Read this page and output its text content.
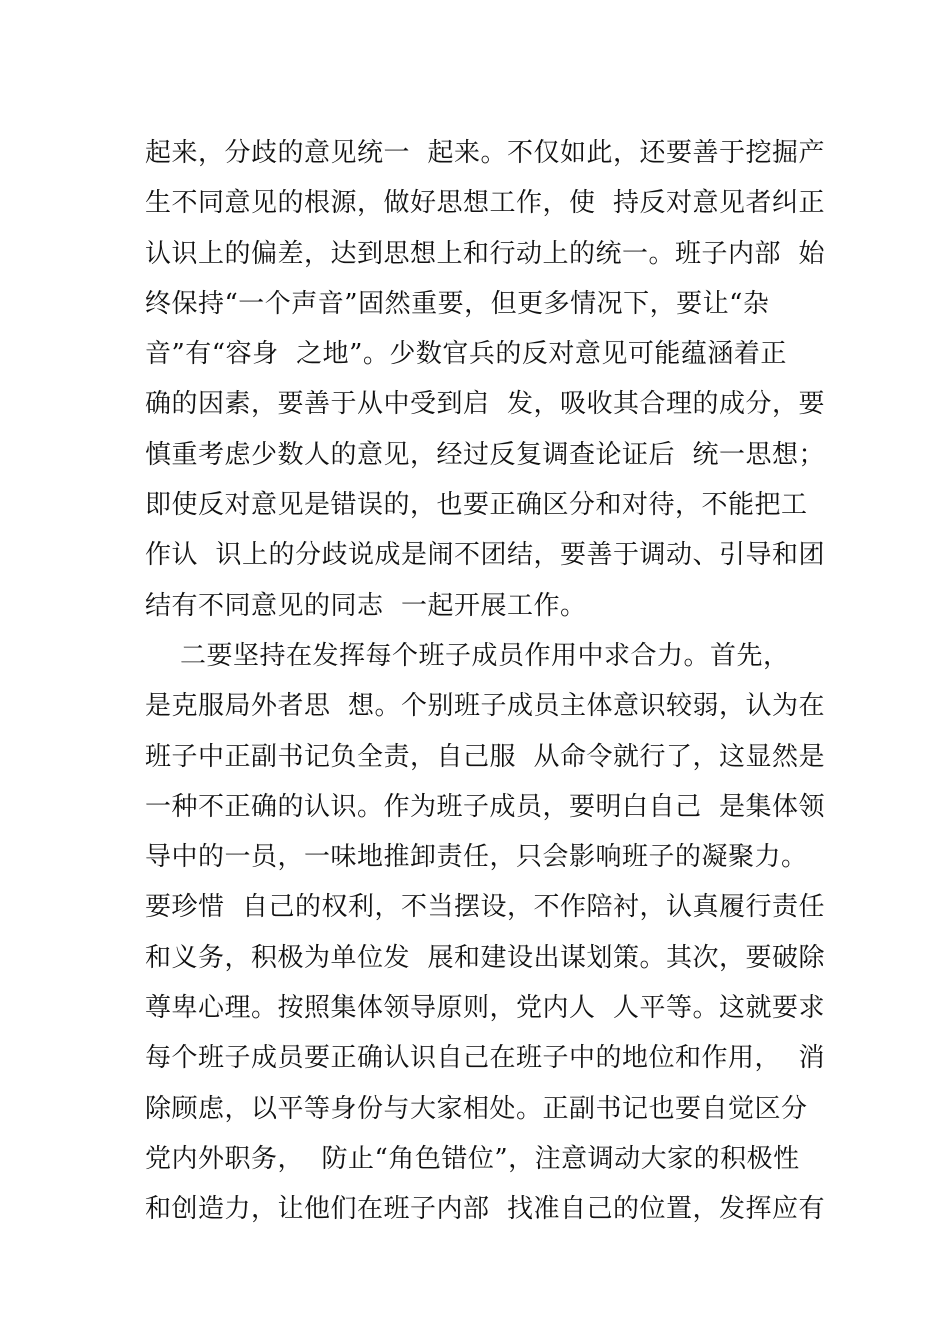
起来，分歧的意见统一  起来。不仅如此，还要善于挖掘产
生不同意见的根源，做好思想工作，使  持反对意见者纠正
认识上的偏差，达到思想上和行动上的统一。班子内部  始
终保持“一个声音”固然重要，但更多情况下，要让“杂
音”有“容身  之地”。少数官兵的反对意见可能蕴涵着正
确的因素，要善于从中受到启  发，吸收其合理的成分，要
慎重考虑少数人的意见，经过反复调查论证后  统一思想；
即使反对意见是错误的，也要正确区分和对待，不能把工
作认  识上的分歧说成是闹不团结，要善于调动、引导和团
结有不同意见的同志  一起开展工作。
二要坚持在发挥每个班子成员作用中求合力。首先，
是克服局外者思  想。个别班子成员主体意识较弱，认为在
班子中正副书记负全责，自己服  从命令就行了，这显然是
一种不正确的认识。作为班子成员，要明白自己  是集体领
导中的一员，一味地推卸责任，只会影响班子的凝聚力。
要珍惜  自己的权利，不当摆设，不作陪衬，认真履行责任
和义务，积极为单位发  展和建设出谋划策。其次，要破除
尊卑心理。按照集体领导原则，党内人  人平等。这就要求
每个班子成员要正确认识自己在班子中的地位和作用，  消
除顾虑，以平等身份与大家相处。正副书记也要自觉区分
党内外职务，  防止“角色错位”，注意调动大家的积极性
和创造力，让他们在班子内部  找准自己的位置，发挥应有
